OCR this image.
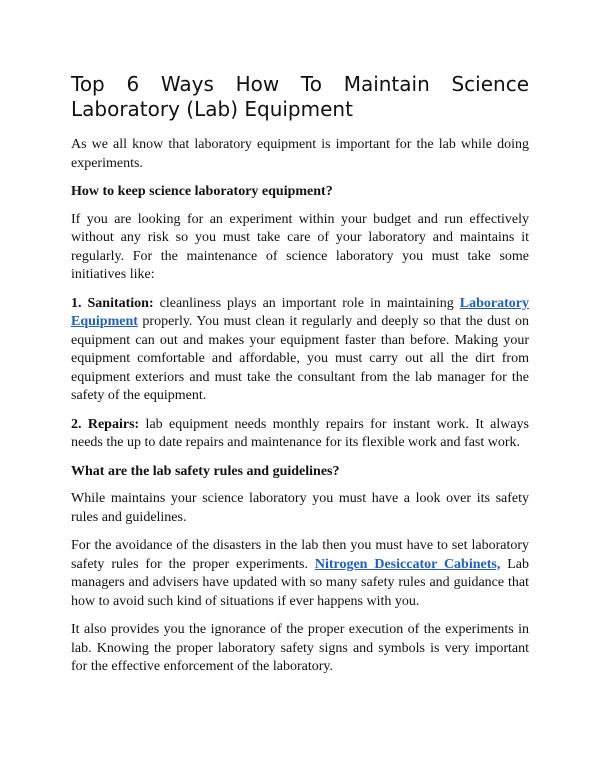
Top 6 Ways How To Maintain Science Laboratory (Lab) Equipment

As we all know that laboratory equipment is important for the lab while doing experiments.

How to keep science laboratory equipment?

If you are looking for an experiment within your budget and run effectively without any risk so you must take care of your laboratory and maintains it regularly. For the maintenance of science laboratory you must take some initiatives like:

1. Sanitation: cleanliness plays an important role in maintaining Laboratory Equipment properly. You must clean it regularly and deeply so that the dust on equipment can out and makes your equipment faster than before. Making your equipment comfortable and affordable, you must carry out all the dirt from equipment exteriors and must take the consultant from the lab manager for the safety of the equipment.

2. Repairs: lab equipment needs monthly repairs for instant work. It always needs the up to date repairs and maintenance for its flexible work and fast work.

What are the lab safety rules and guidelines?

While maintains your science laboratory you must have a look over its safety rules and guidelines.

For the avoidance of the disasters in the lab then you must have to set laboratory safety rules for the proper experiments. Nitrogen Desiccator Cabinets, Lab managers and advisers have updated with so many safety rules and guidance that how to avoid such kind of situations if ever happens with you.

It also provides you the ignorance of the proper execution of the experiments in lab. Knowing the proper laboratory safety signs and symbols is very important for the effective enforcement of the laboratory.
